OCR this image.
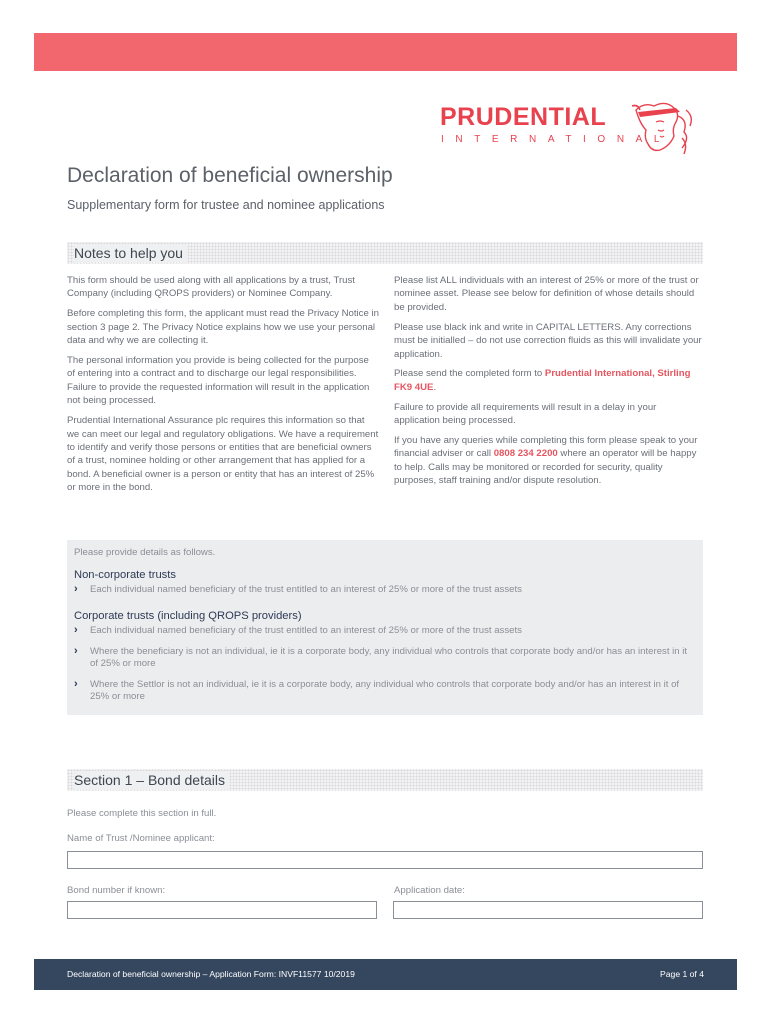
PRUDENTIAL
INTERNATIONAL
Declaration of beneficial ownership

Supplementary form for trustee and nominee applications

Notes to help you

This form should be used along with all applications by a trust, Trust Company (including QROPS providers) or Nominee Company.

Before completing this form, the applicant must read the Privacy Notice in section 3 page 2. The Privacy Notice explains how we use your personal data and why we are collecting it.

The personal information you provide is being collected for the purpose of entering into a contract and to discharge our legal responsibilities. Failure to provide the requested information will result in the application not being processed.

Prudential International Assurance plc requires this information so that we can meet our legal and regulatory obligations. We have a requirement to identify and verify those persons or entities that are beneficial owners of a trust, nominee holding or other arrangement that has applied for a bond. A beneficial owner is a person or entity that has an interest of 25% or more in the bond.

Please list ALL individuals with an interest of 25% or more of the trust or nominee asset. Please see below for definition of whose details should be provided.

Please use black ink and write in CAPITAL LETTERS. Any corrections must be initialled – do not use correction fluids as this will invalidate your application.

Please send the completed form to Prudential International, Stirling FK9 4UE.

Failure to provide all requirements will result in a delay in your application being processed.

If you have any queries while completing this form please speak to your financial adviser or call 0808 234 2200 where an operator will be happy to help. Calls may be monitored or recorded for security, quality purposes, staff training and/or dispute resolution.

Please provide details as follows.
Non-corporate trusts
› Each individual named beneficiary of the trust entitled to an interest of 25% or more of the trust assets
Corporate trusts (including QROPS providers)
› Each individual named beneficiary of the trust entitled to an interest of 25% or more of the trust assets
› Where the beneficiary is not an individual, ie it is a corporate body, any individual who controls that corporate body and/or has an interest in it of 25% or more
› Where the Settlor is not an individual, ie it is a corporate body, any individual who controls that corporate body and/or has an interest in it of 25% or more
Section 1 – Bond details
Please complete this section in full.
Name of Trust /Nominee applicant:
Bond number if known:	Application date:
Declaration of beneficial ownership – Application Form: INVF11577 10/2019	Page 1 of 4
